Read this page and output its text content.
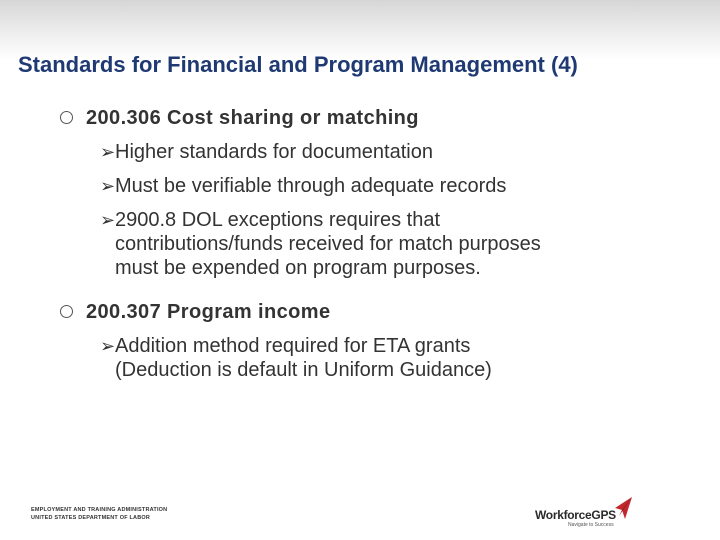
Standards for Financial and Program Management (4)
200.306 Cost sharing or matching
➢ Higher standards for documentation
➢ Must be verifiable through adequate records
➢ 2900.8 DOL exceptions requires that
contributions/funds received for match purposes
must be expended on program purposes.
200.307 Program income
➢ Addition method required for ETA grants
(Deduction is default in Uniform Guidance)
EMPLOYMENT AND TRAINING ADMINISTRATION
UNITED STATES DEPARTMENT OF LABOR	WorkforceGPS
Navigate to Success
